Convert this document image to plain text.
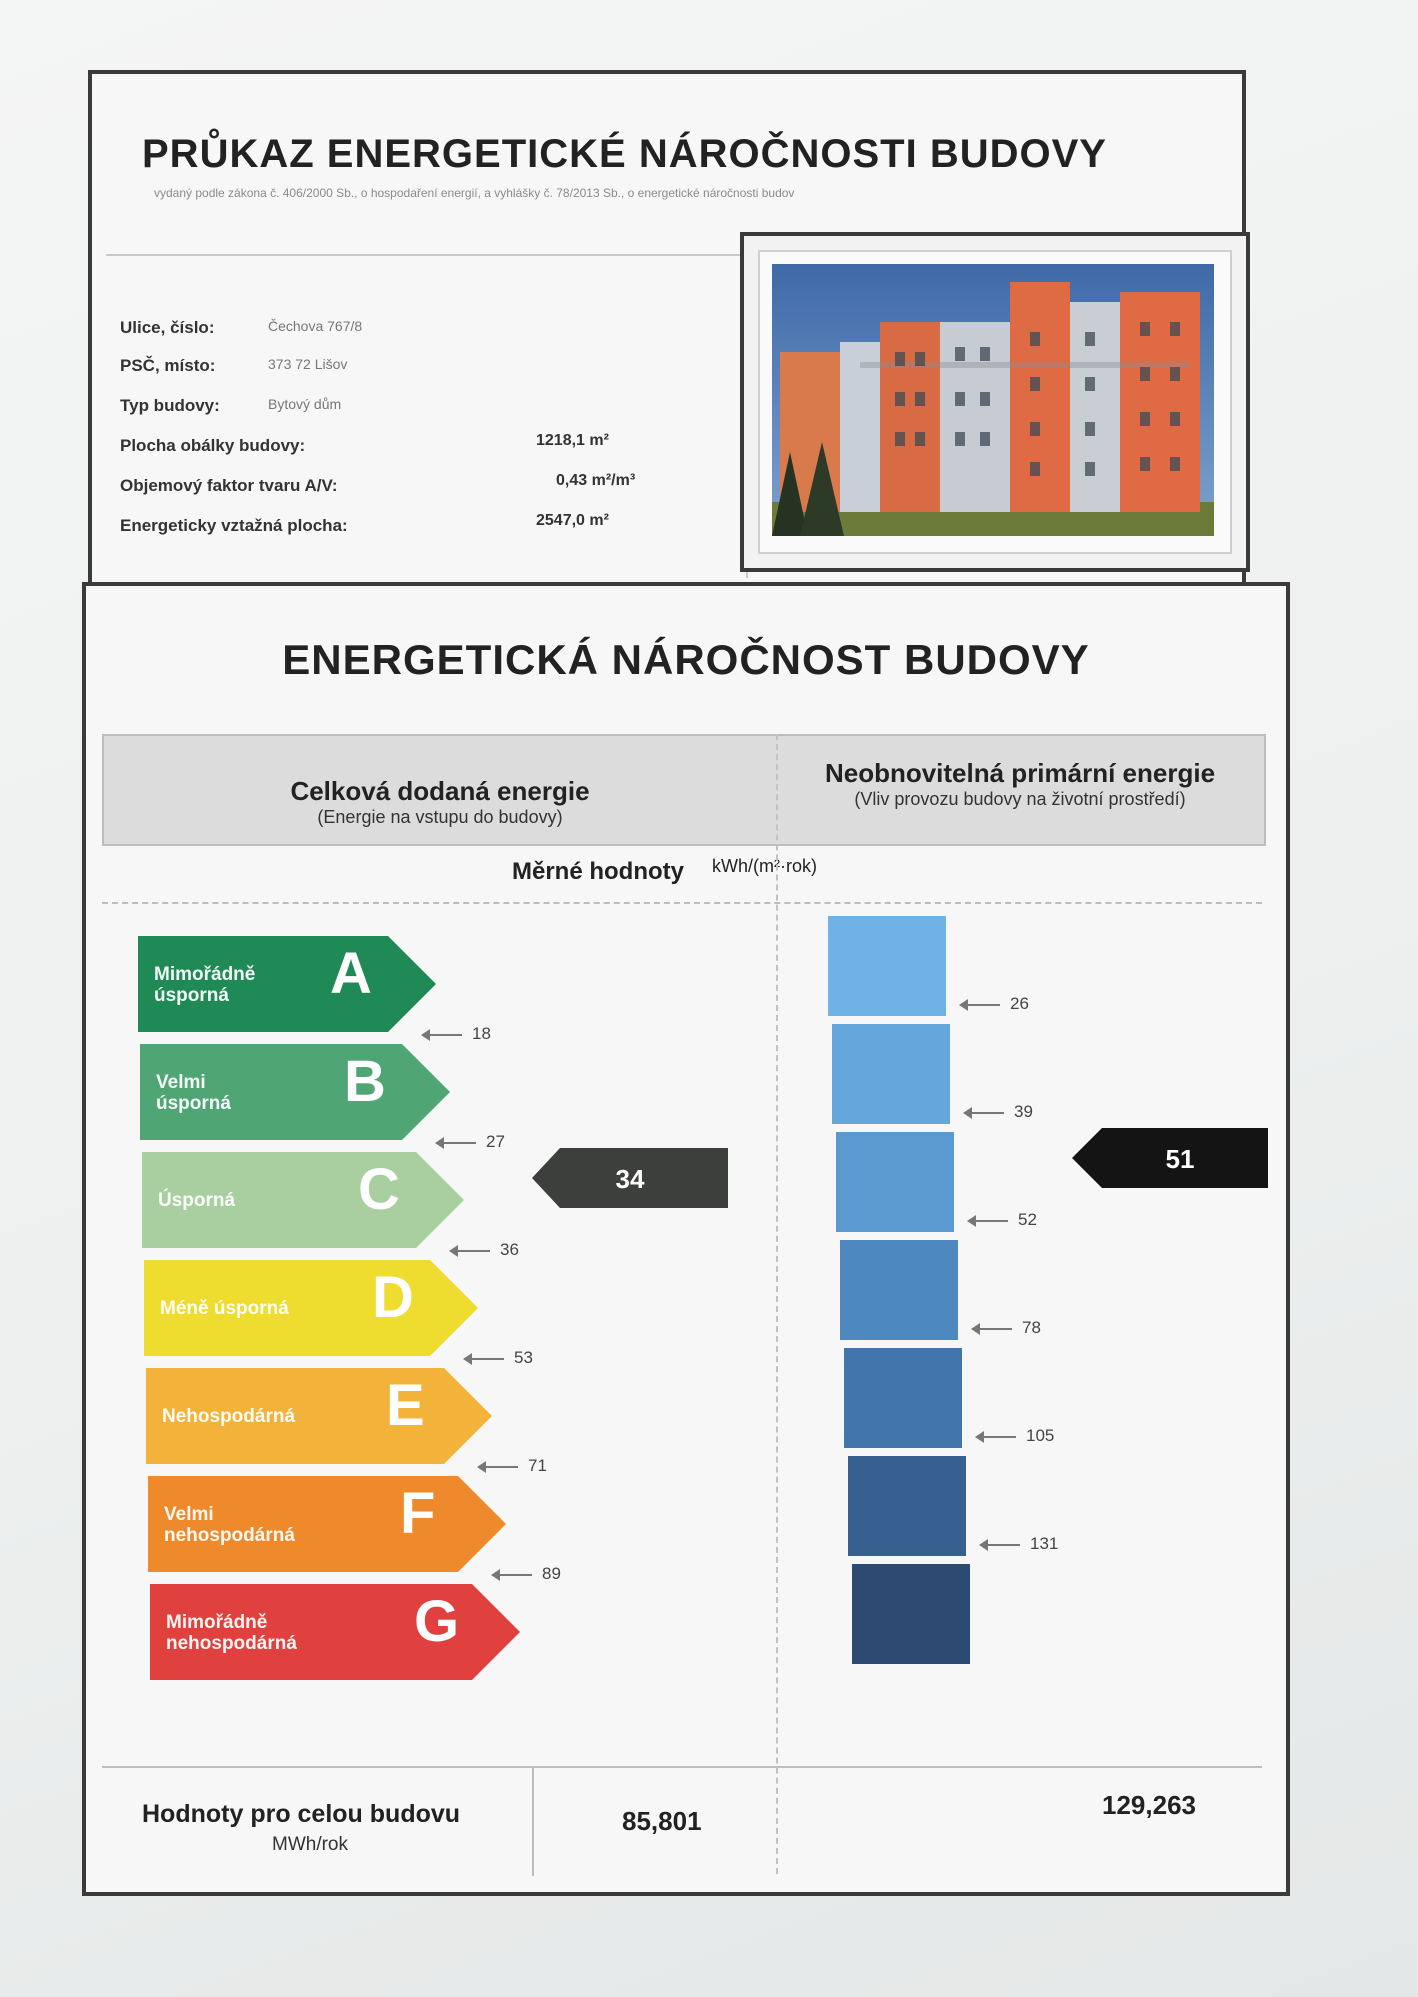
PRŮKAZ ENERGETICKÉ NÁROČNOSTI BUDOVY
vydaný podle zákona č. 406/2000 Sb., o hospodaření energií, a vyhlášky č. 78/2013 Sb., o energetické náročnosti budov
Ulice, číslo:	Čechova 767/8
PSČ, místo:	373 72 Lišov
Typ budovy:	Bytový dům
Plocha obálky budovy:	1218,1 m²
Objemový faktor tvaru A/V:	0,43 m²/m³
Energeticky vztažná plocha:	2547,0 m²
ENERGETICKÁ NÁROČNOST BUDOVY
Celková dodaná energie
(Energie na vstupu do budovy)
Neobnovitelná primární energie
(Vliv provozu budovy na životní prostředí)
Měrné hodnoty kWh/(m²·rok)
Mimořádně
úsporná	A
18
Velmi
úsporná B
27
Úsporná C
36
Méně úsporná D
53
Nehospodárná E
71
Velmi
nehospodárná F
89
Mimořádně
nehospodárná G
34
26
39
52
78
105
131
51
Hodnoty pro celou budovu
MWh/rok
85,801
129,263
